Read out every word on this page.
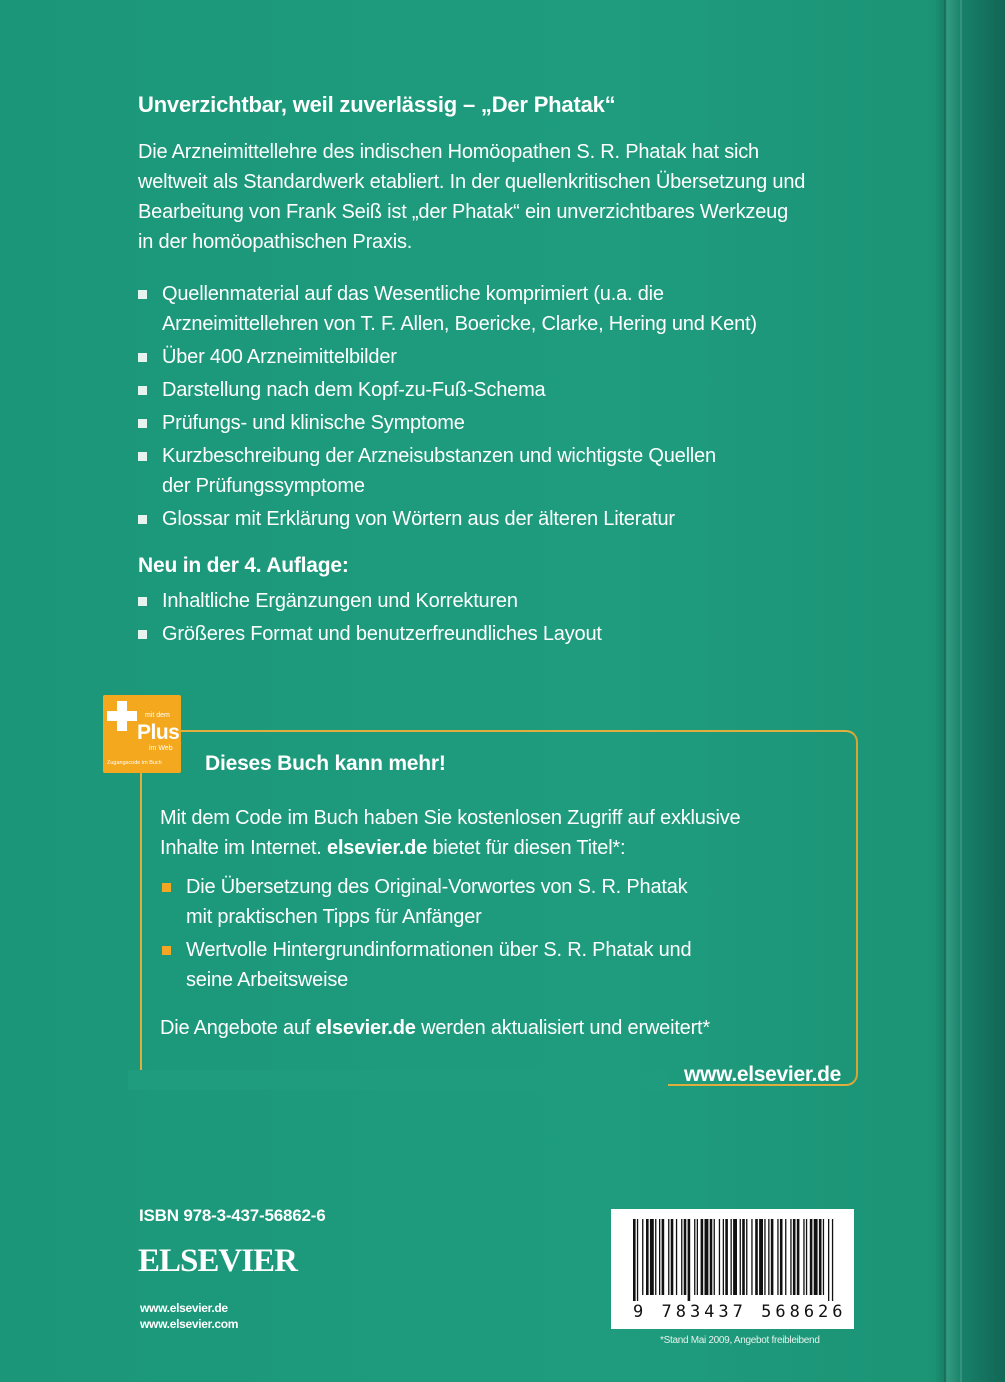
Unverzichtbar, weil zuverlässig – „Der Phatak“
Die Arzneimittellehre des indischen Homöopathen S. R. Phatak hat sich
weltweit als Standardwerk etabliert. In der quellenkritischen Übersetzung und
Bearbeitung von Frank Seiß ist „der Phatak“ ein unverzichtbares Werkzeug
in der homöopathischen Praxis.
Quellenmaterial auf das Wesentliche komprimiert (u.a. die
Arzneimittellehren von T. F. Allen, Boericke, Clarke, Hering und Kent)
Über 400 Arzneimittelbilder
Darstellung nach dem Kopf-zu-Fuß-Schema
Prüfungs- und klinische Symptome
Kurzbeschreibung der Arzneisubstanzen und wichtigste Quellen
der Prüfungssymptome
Glossar mit Erklärung von Wörtern aus der älteren Literatur
Neu in der 4. Auflage:
Inhaltliche Ergänzungen und Korrekturen
Größeres Format und benutzerfreundliches Layout
mit dem
Plus
im Web
Zugangscode im Buch Dieses Buch kann mehr!
Mit dem Code im Buch haben Sie kostenlosen Zugriff auf exklusive
Inhalte im Internet. elsevier.de bietet für diesen Titel*:
Die Übersetzung des Original-Vorwortes von S. R. Phatak
mit praktischen Tipps für Anfänger
Wertvolle Hintergrundinformationen über S. R. Phatak und
seine Arbeitsweise
Die Angebote auf elsevier.de werden aktualisiert und erweitert*
www.elsevier.de
ISBN 978-3-437-56862-6
ELSEVIER
www.elsevier.de
www.elsevier.com
9 783437 568626
*Stand Mai 2009, Angebot freibleibend
